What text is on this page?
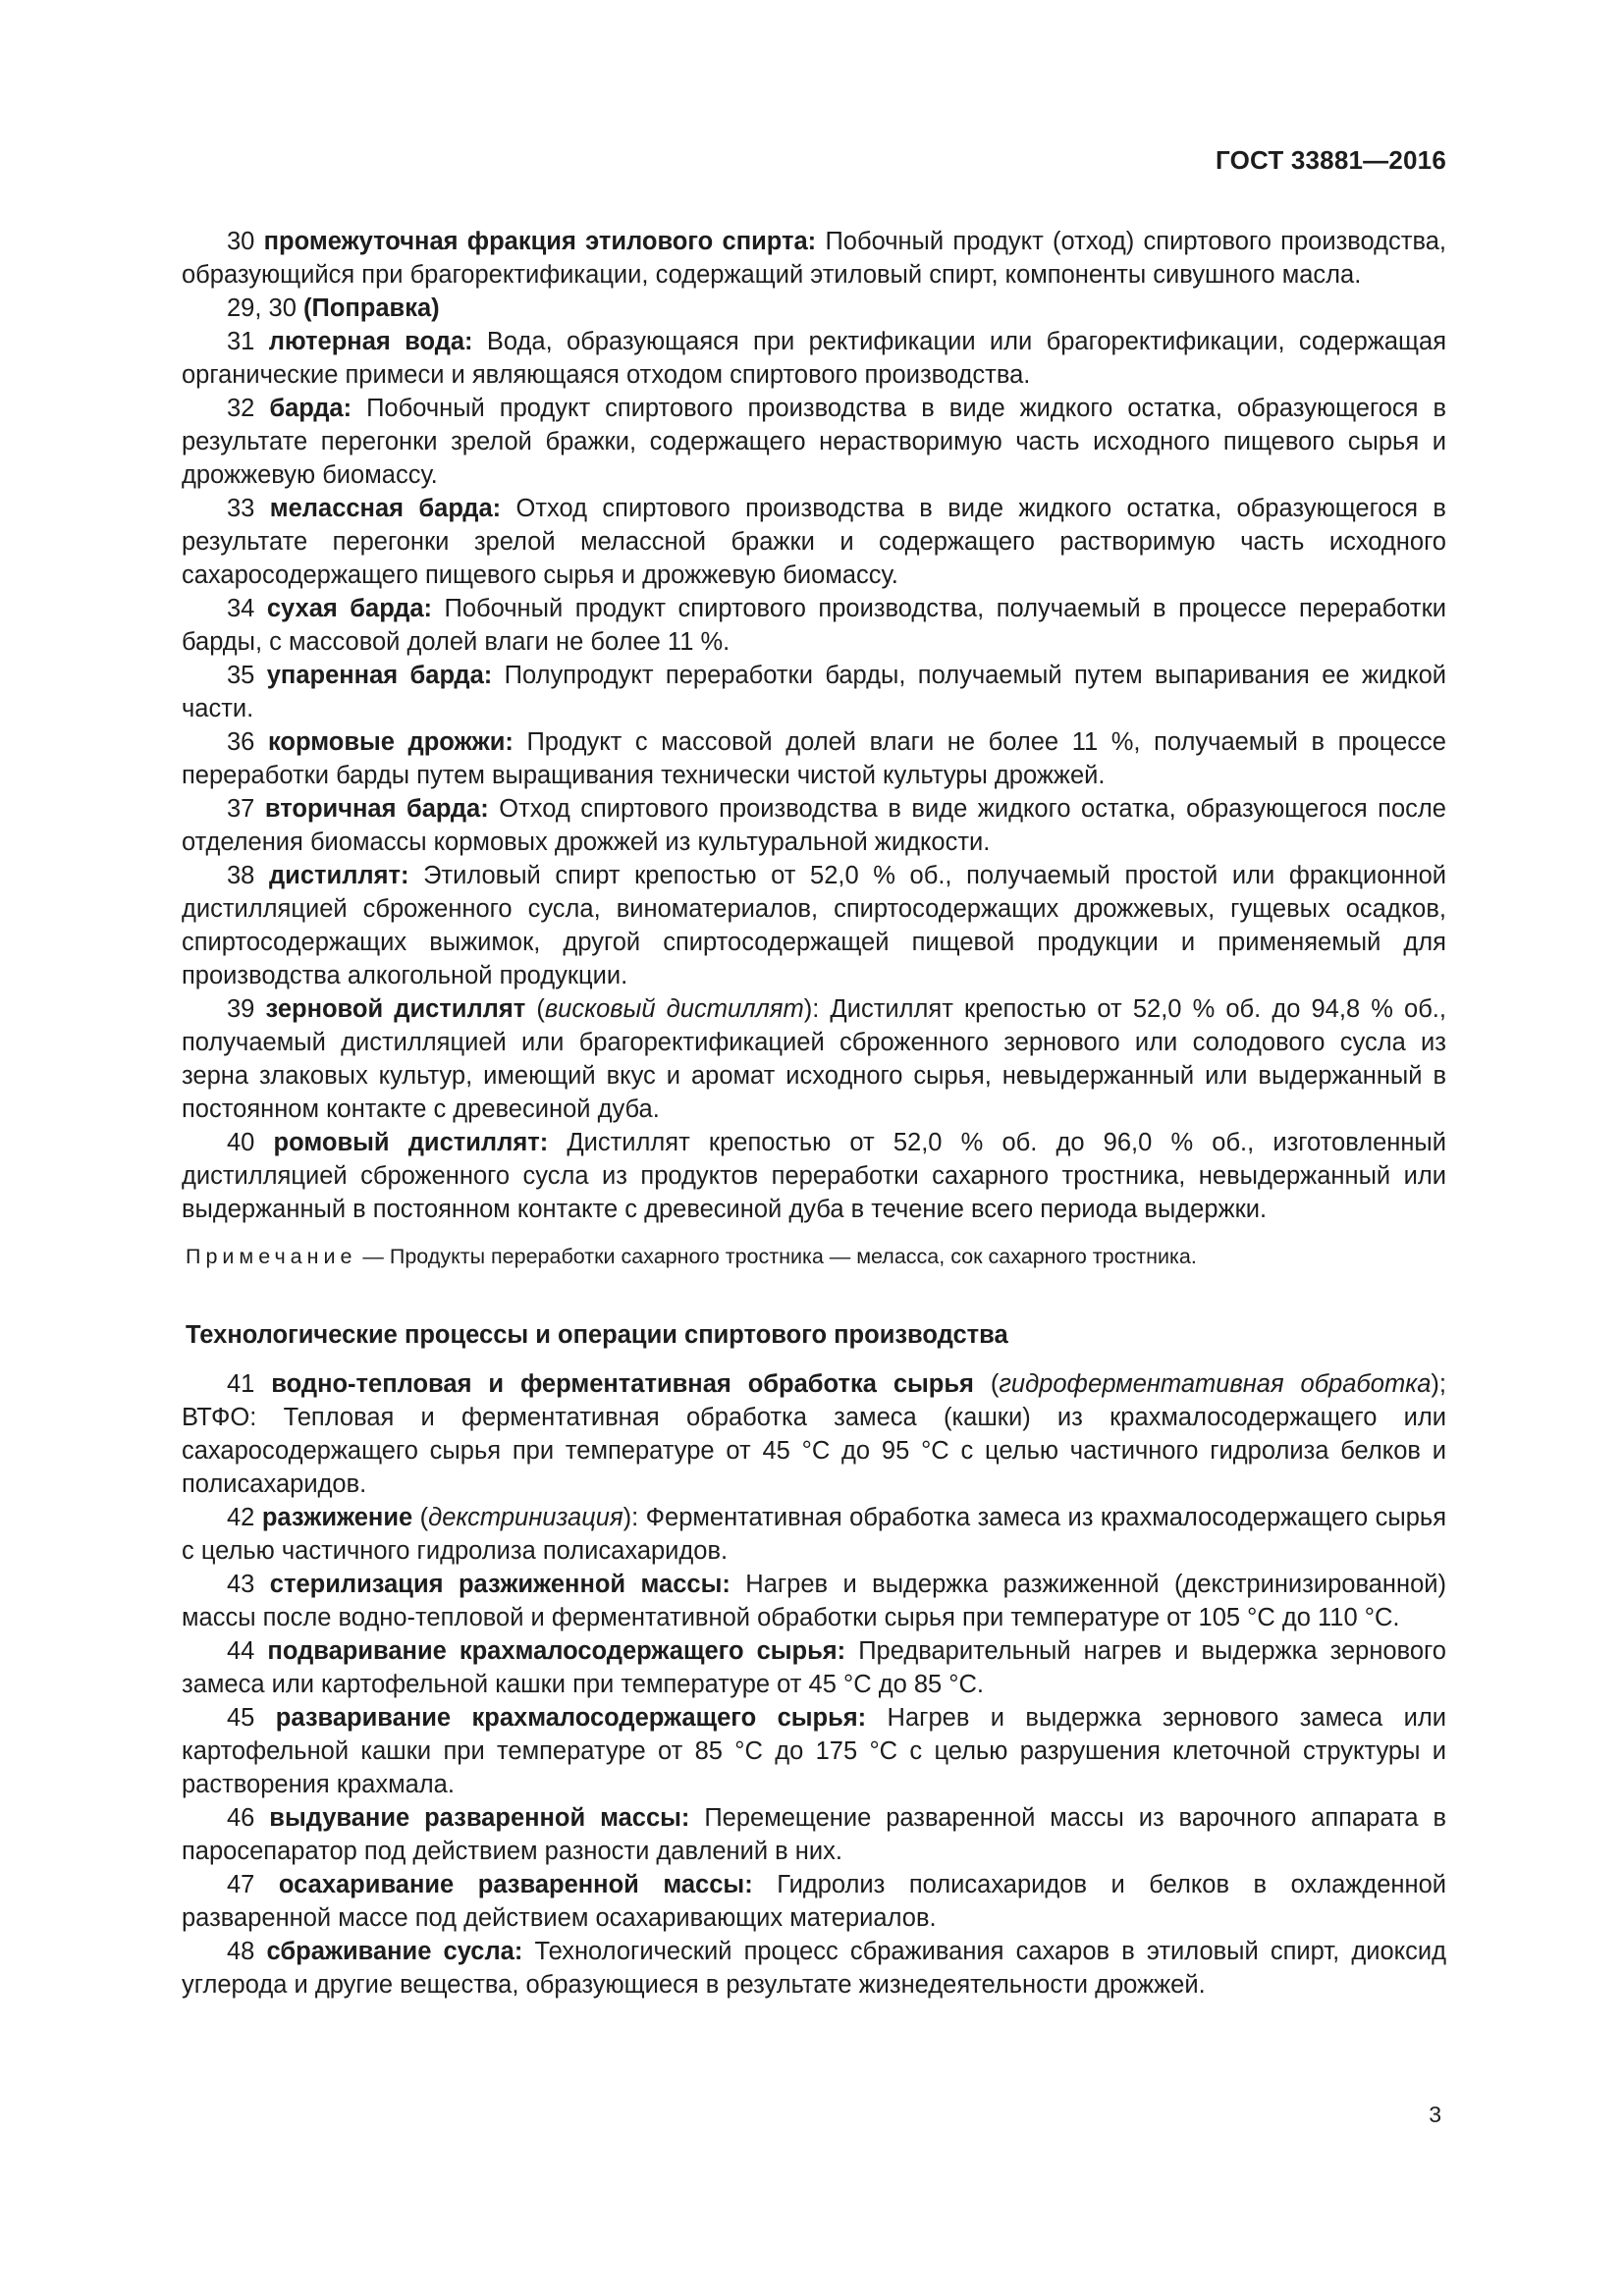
ГОСТ 33881—2016

30 промежуточная фракция этилового спирта: Побочный продукт (отход) спиртового производства, образующийся при брагоректификации, содержащий этиловый спирт, компоненты сивушного масла.

29, 30 (Поправка)

31 лютерная вода: Вода, образующаяся при ректификации или брагоректификации, содержащая органические примеси и являющаяся отходом спиртового производства.

32 барда: Побочный продукт спиртового производства в виде жидкого остатка, образующегося в результате перегонки зрелой бражки, содержащего нерастворимую часть исходного пищевого сырья и дрожжевую биомассу.

33 мелассная барда: Отход спиртового производства в виде жидкого остатка, образующегося в результате перегонки зрелой мелассной бражки и содержащего растворимую часть исходного сахаросодержащего пищевого сырья и дрожжевую биомассу.

34 сухая барда: Побочный продукт спиртового производства, получаемый в процессе переработки барды, с массовой долей влаги не более 11 %.

35 упаренная барда: Полупродукт переработки барды, получаемый путем выпаривания ее жидкой части.

36 кормовые дрожжи: Продукт с массовой долей влаги не более 11 %, получаемый в процессе переработки барды путем выращивания технически чистой культуры дрожжей.

37 вторичная барда: Отход спиртового производства в виде жидкого остатка, образующегося после отделения биомассы кормовых дрожжей из культуральной жидкости.

38 дистиллят: Этиловый спирт крепостью от 52,0 % об., получаемый простой или фракционной дистилляцией сброженного сусла, виноматериалов, спиртосодержащих дрожжевых, гущевых осадков, спиртосодержащих выжимок, другой спиртосодержащей пищевой продукции и применяемый для производства алкогольной продукции.

39 зерновой дистиллят (висковый дистиллят): Дистиллят крепостью от 52,0 % об. до 94,8 % об., получаемый дистилляцией или брагоректификацией сброженного зернового или солодового сусла из зерна злаковых культур, имеющий вкус и аромат исходного сырья, невыдержанный или выдержанный в постоянном контакте с древесиной дуба.

40 ромовый дистиллят: Дистиллят крепостью от 52,0 % об. до 96,0 % об., изготовленный дистилляцией сброженного сусла из продуктов переработки сахарного тростника, невыдержанный или выдержанный в постоянном контакте с древесиной дуба в течение всего периода выдержки.

Примечание — Продукты переработки сахарного тростника — меласса, сок сахарного тростника.

Технологические процессы и операции спиртового производства

41 водно-тепловая и ферментативная обработка сырья (гидроферментативная обработка); ВТФО: Тепловая и ферментативная обработка замеса (кашки) из крахмалосодержащего или сахаросодержащего сырья при температуре от 45 °С до 95 °С с целью частичного гидролиза белков и полисахаридов.

42 разжижение (декстринизация): Ферментативная обработка замеса из крахмалосодержащего сырья с целью частичного гидролиза полисахаридов.

43 стерилизация разжиженной массы: Нагрев и выдержка разжиженной (декстринизированной) массы после водно-тепловой и ферментативной обработки сырья при температуре от 105 °С до 110 °С.

44 подваривание крахмалосодержащего сырья: Предварительный нагрев и выдержка зернового замеса или картофельной кашки при температуре от 45 °С до 85 °С.

45 разваривание крахмалосодержащего сырья: Нагрев и выдержка зернового замеса или картофельной кашки при температуре от 85 °С до 175 °С с целью разрушения клеточной структуры и растворения крахмала.

46 выдувание разваренной массы: Перемещение разваренной массы из варочного аппарата в паросепаратор под действием разности давлений в них.

47 осахаривание разваренной массы: Гидролиз полисахаридов и белков в охлажденной разваренной массе под действием осахаривающих материалов.

48 сбраживание сусла: Технологический процесс сбраживания сахаров в этиловый спирт, диоксид углерода и другие вещества, образующиеся в результате жизнедеятельности дрожжей.

3
